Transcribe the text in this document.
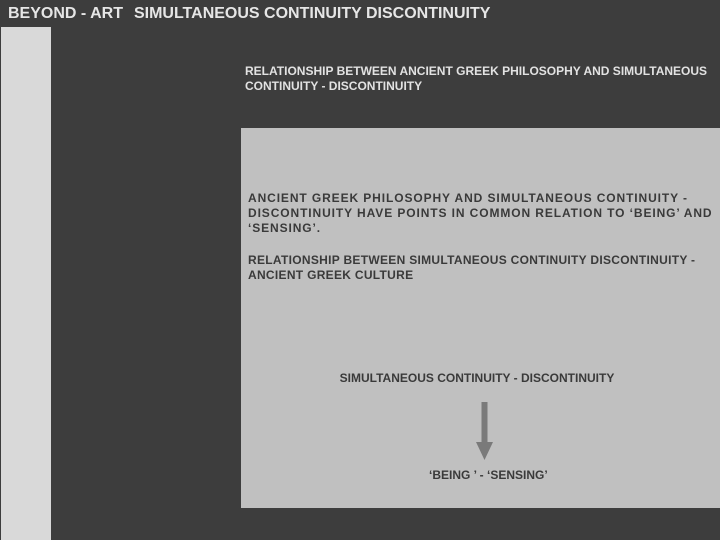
BEYOND - ART SIMULTANEOUS CONTINUITY DISCONTINUITY
RELATIONSHIP BETWEEN ANCIENT GREEK PHILOSOPHY AND SIMULTANEOUS CONTINUITY - DISCONTINUITY

ANCIENT GREEK PHILOSOPHY AND SIMULTANEOUS CONTINUITY - DISCONTINUITY HAVE POINTS IN COMMON RELATION TO ‘BEING’ AND ‘SENSING’.

RELATIONSHIP BETWEEN SIMULTANEOUS CONTINUITY DISCONTINUITY - ANCIENT GREEK CULTURE

SIMULTANEOUS CONTINUITY - DISCONTINUITY

‘BEING ’ - ‘SENSING’
